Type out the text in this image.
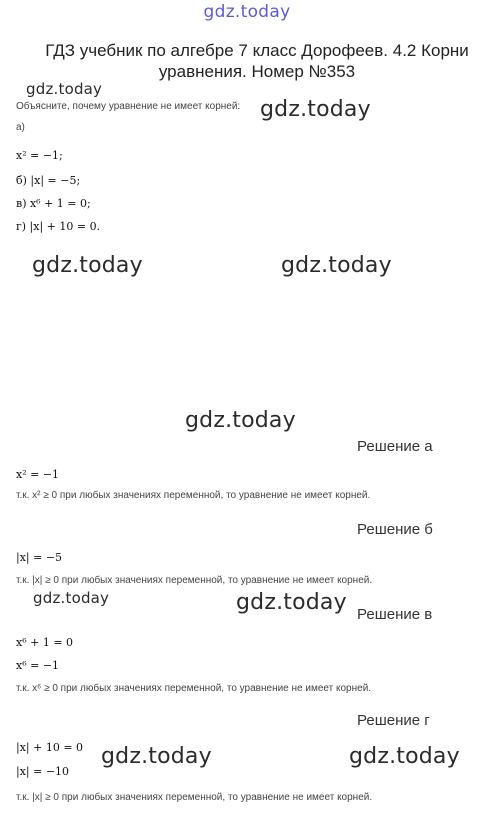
gdz.today
ГДЗ учебник по алгебре 7 класс Дорофеев. 4.2 Корни уравнения. Номер №353
gdz.today
gdz.today
gdz.today	gdz.today
gdz.today
gdz.today	gdz.today
gdz.today	gdz.today
Объясните, почему уравнение не имеет корней:
а)
x² = −1;
б) |x| = −5;
в) x⁶ + 1 = 0;
г) |x| + 10 = 0.
Решение а
x² = −1
т.к. x² ≥ 0 при любых значениях переменной, то уравнение не имеет корней.
Решение б
|x| = −5
т.к. |x| ≥ 0 при любых значениях переменной, то уравнение не имеет корней.
Решение в
x⁶ + 1 = 0
x⁶ = −1
т.к. x⁶ ≥ 0 при любых значениях переменной, то уравнение не имеет корней.
Решение г
|x| + 10 = 0
|x| = −10
т.к. |x| ≥ 0 при любых значениях переменной, то уравнение не имеет корней.
